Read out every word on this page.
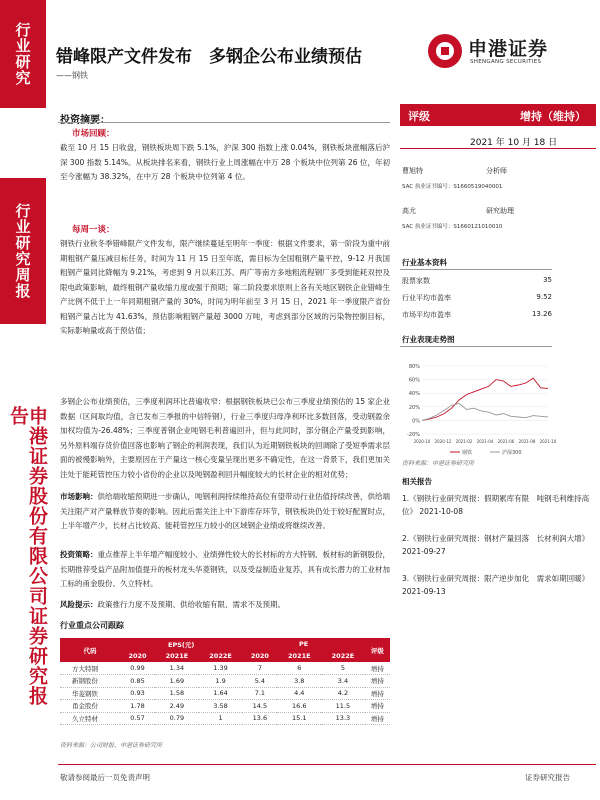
行业研究
行业研究周报
申港证券股份有限公司证券研究报告
错峰限产文件发布　多钢企公布业绩预估
——钢铁
申港证券
SHENGANG SECURITIES
投资摘要：
市场回顾：
截至 10 月 15 日收盘，钢铁板块周下跌 5.1%，沪深 300 指数上涨 0.04%，钢铁板块涨幅落后沪深 300 指数 5.14%。从板块排名来看，钢铁行业上周涨幅在中万 28 个板块中位列第 26 位，年初至今涨幅为 38.32%，在中万 28 个板块中位列第 4 位。
每周一谈：
钢铁行业秋冬季错峰限产文件发布，限产继续蔓延至明年一季度：根据文件要求，第一阶段为重中前期粗钢产量压减目标任务，时间为 11 月 15 日至年底，需目标为全国粗钢产量平控，9-12 月我国粗钢产量同比降幅为 9.21%，考虑到 9 月以来江苏、两广等南方多地粗流程钢厂多受到能耗双控及限电政策影响，最终粗钢产量收缩力度或强于预期；第二阶段要求原则上各有关地区钢铁企业错峰生产比例不低于上一年同期粗钢产量的 30%，时间为明年前至 3 月 15 日，2021 年一季度限产省份粗钢产量占比为 41.63%，预估影响粗钢产量超 3000 万吨，考虑到部分区域的污染物控制目标，实际影响量或高于预估值；
多钢企公布业绩预估，三季度利润环比普遍收窄：根据钢铁板块已公布三季度业绩预估的 15 家企业数据（区间取均值，含已发布三季报的中信特钢），行业三季度归母净利环比多数回落，受动钢盈余加权均值为-26.48%；三季度普钢企业吨钢毛利普遍回升，但与此同时，部分钢企产量受到影响，另外原料端存货价值回落也影响了钢企的利润表现，我们认为近期钢铁板块的回调除了受短季需求层面的被慢影响外，主要原因在于产量这一核心变量呈现出更多不确定性，在这一背景下，我们更加关注处于能耗管控压力较小省份的企业以及吨钢盈利回升幅度较大的长材企业的相对优势；
市场影响：供给端收缩预期进一步确认，吨钢利润持续维持高位有望带动行业估值持续改善，供给端关注限产对产量释放节奏的影响。因此后需关注上中下游库存环节，钢铁板块仍处于较好配置时点，上半年增产少，长材占比较高、能耗管控压力较小的区域钢企业绩或将继续改善。
投资策略：重点推荐上半年增产幅度较小、业绩弹性较大的长材标的方大特钢、板材标的新钢股份，长期推荐受益产品附加值提升的板材龙头华菱钢铁，以及受益制造业复苏，具有成长潜力的工业材加工标的甬金股份、久立特材。
风险提示：政策推行力度不及预期、供给收缩有限、需求不及预期。
评级	增持（维持）
2021 年 10 月 18 日
曹旭特	分析师
SAC 执业证书编号：S1660519040001
高尤	研究助理
SAC 执业证书编号：S1660121010010
行业基本资料
股票家数	35
行业平均市盈率	9.52
市场平均市盈率	13.26
行业表现走势图
80%
60%
40%
20%
0%
-20%
2020-10 2020-12 2021-02 2021-04 2021-06 2021-08 2021-10
钢铁	沪深300
资料来源：申港证券研究所
相关报告
1.《钢铁行业研究周报：假期累库有限　吨钢毛利维持高位》 2021-10-08
2.《钢铁行业研究周报：钢材产量回落　长材利润大增》 2021-09-27
3.《钢铁行业研究周报：限产逆步加化　需求如期回暖》 2021-09-13
行业重点公司跟踪
代码	EPS(元)			PE			评级
	2020	2021E	2022E	2020	2021E	2022E	
方大特钢	0.99	1.34	1.39	7	6	5	增持
新钢股份	0.85	1.69	1.9	5.4	3.8	3.4	增持
华菱钢铁	0.93	1.58	1.64	7.1	4.4	4.2	增持
甬金股份	1.78	2.49	3.58	14.5	16.6	11.5	增持
久立特材	0.57	0.79	1	13.6	15.1	13.3	增持
资料来源：公司财报、申港证券研究所
敬请参阅最后一页免责声明	证券研究报告
